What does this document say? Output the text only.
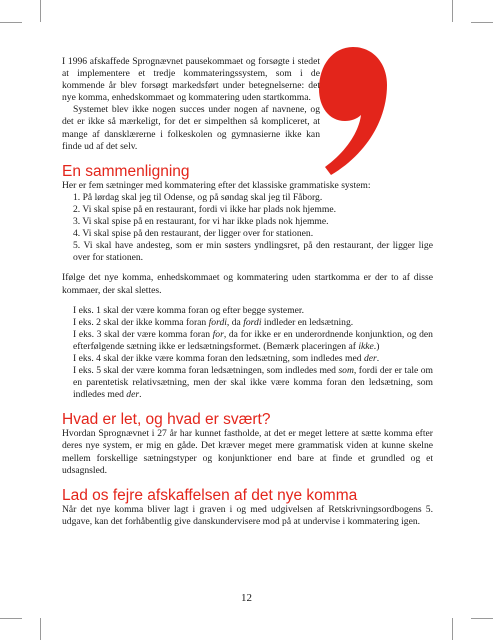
I 1996 afskaffede Sprognævnet pausekommaet og forsøgte i stedet at implementere et tredje kommateringssystem, som i de kommende år blev forsøgt markedsført under betegnelserne: det nye komma, enhedskommaet og kommatering uden startkomma.

Systemet blev ikke nogen succes under nogen af navnene, og det er ikke så mærkeligt, for det er simpelthen så kompliceret, at mange af dansklærerne i folkeskolen og gymnasierne ikke kan finde ud af det selv.

En sammenligning

Her er fem sætninger med kommatering efter det klassiske grammatiske system:

1. På lørdag skal jeg til Odense, og på søndag skal jeg til Fåborg.
2. Vi skal spise på en restaurant, fordi vi ikke har plads nok hjemme.
3. Vi skal spise på en restaurant, for vi har ikke plads nok hjemme.
4. Vi skal spise på den restaurant, der ligger over for stationen.
5. Vi skal have andesteg, som er min søsters yndlingsret, på den restaurant, der ligger lige over for stationen.

Ifølge det nye komma, enhedskommaet og kommatering uden startkomma er der to af disse kommaer, der skal slettes.

I eks. 1 skal der være komma foran og efter begge systemer.

I eks. 2 skal der ikke komma foran fordi, da fordi indleder en ledsætning.

I eks. 3 skal der være komma foran for, da for ikke er en underordnende konjunktion, og den efterfølgende sætning ikke er ledsætningsformet. (Bemærk placeringen af ikke.)

I eks. 4 skal der ikke være komma foran den ledsætning, som indledes med der.

I eks. 5 skal der være komma foran ledsætningen, som indledes med som, fordi der er tale om en parentetisk relativsætning, men der skal ikke være komma foran den ledsætning, som indledes med der.

Hvad er let, og hvad er svært?

Hvordan Sprognævnet i 27 år har kunnet fastholde, at det er meget lettere at sætte komma efter deres nye system, er mig en gåde. Det kræver meget mere grammatisk viden at kunne skelne mellem forskellige sætningstyper og konjunktioner end bare at finde et grundled og et udsagnsled.

Lad os fejre afskaffelsen af det nye komma

Når det nye komma bliver lagt i graven i og med udgivelsen af Retskrivningsordbogens 5. udgave, kan det forhåbentlig give danskundervisere mod på at undervise i kommatering igen.

12
